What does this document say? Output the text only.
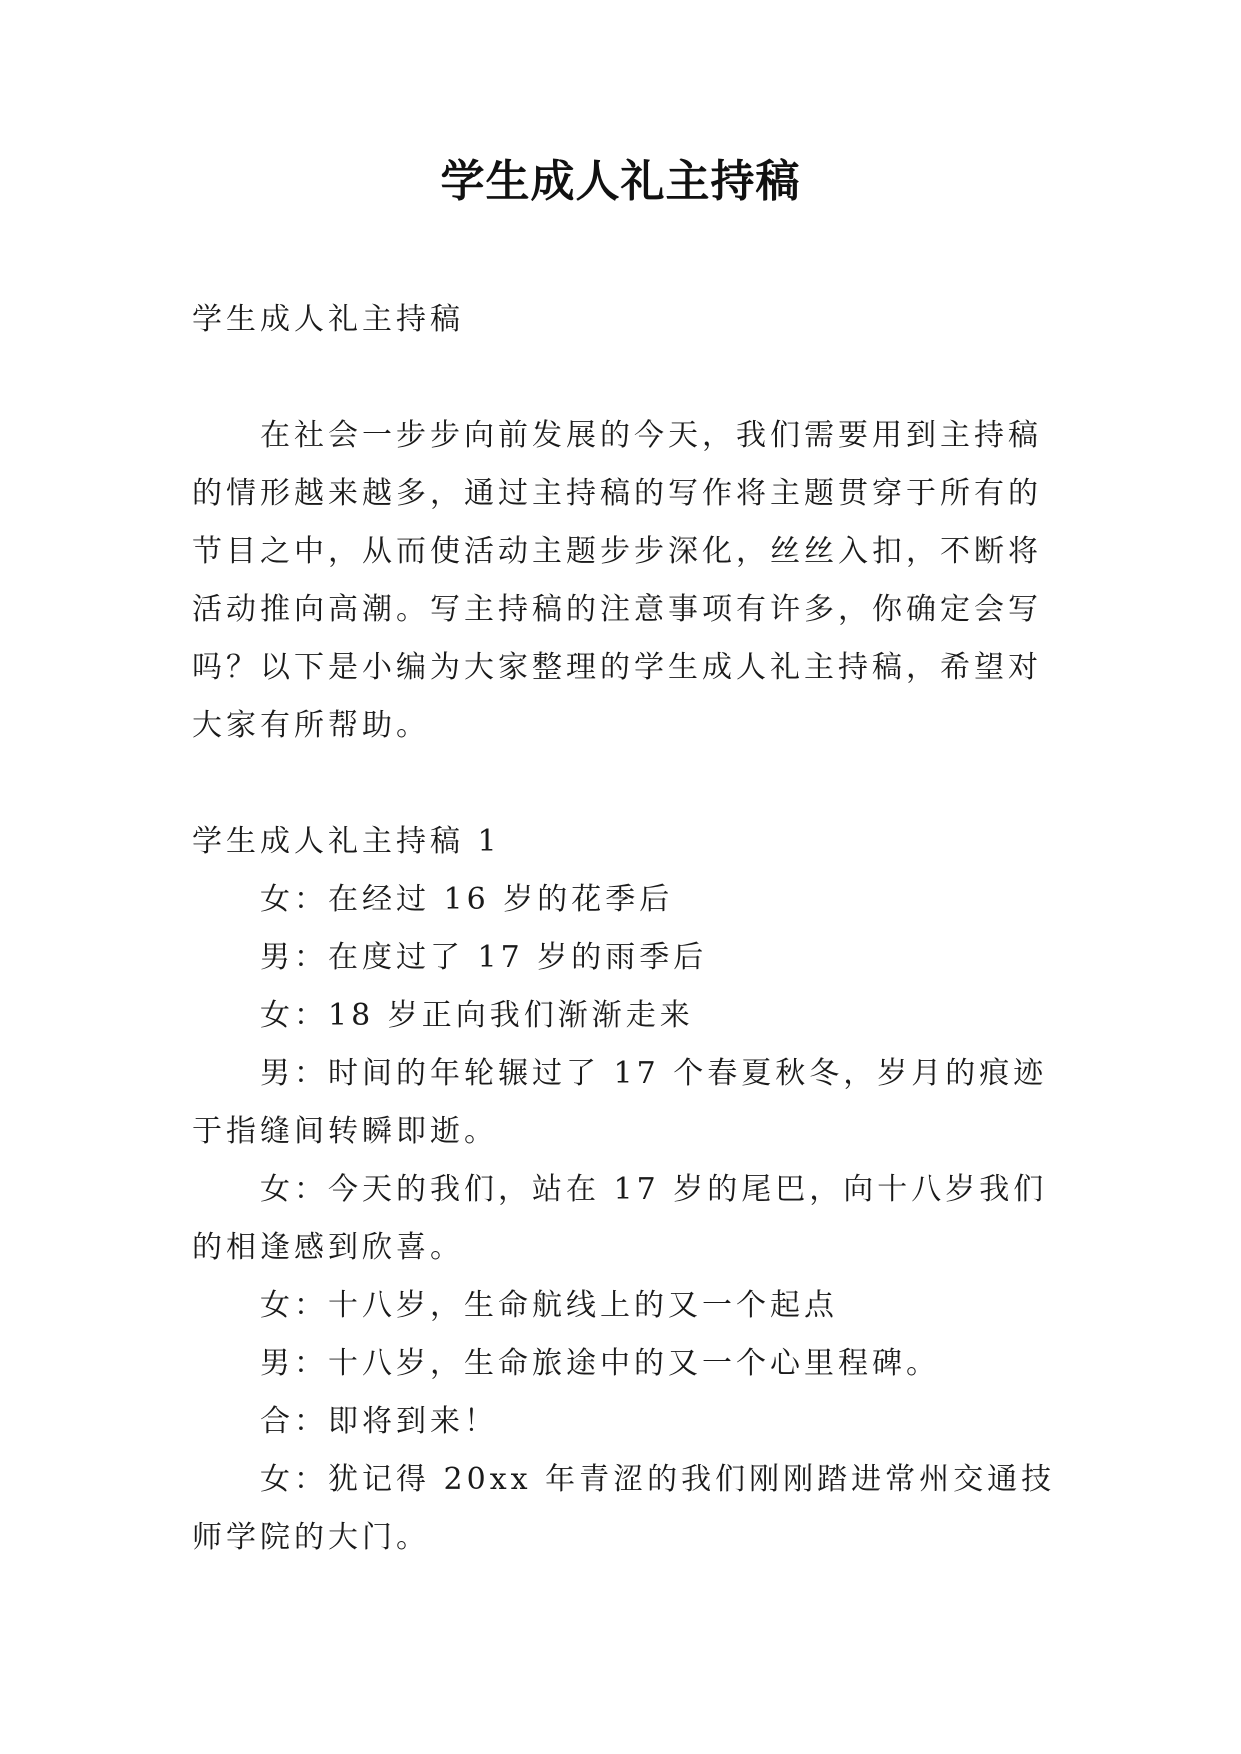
学生成人礼主持稿

学生成人礼主持稿

在社会一步步向前发展的今天，我们需要用到主持稿的情形越来越多，通过主持稿的写作将主题贯穿于所有的节目之中，从而使活动主题步步深化，丝丝入扣，不断将活动推向高潮。写主持稿的注意事项有许多，你确定会写吗？以下是小编为大家整理的学生成人礼主持稿，希望对大家有所帮助。

学生成人礼主持稿 1

女：在经过 16 岁的花季后

男：在度过了 17 岁的雨季后

女：18 岁正向我们渐渐走来

男：时间的年轮辗过了 17 个春夏秋冬，岁月的痕迹于指缝间转瞬即逝。

女：今天的我们，站在 17 岁的尾巴，向十八岁我们的相逢感到欣喜。

女：十八岁，生命航线上的又一个起点

男：十八岁，生命旅途中的又一个心里程碑。

合：即将到来！

女：犹记得 20xx 年青涩的我们刚刚踏进常州交通技师学院的大门。
